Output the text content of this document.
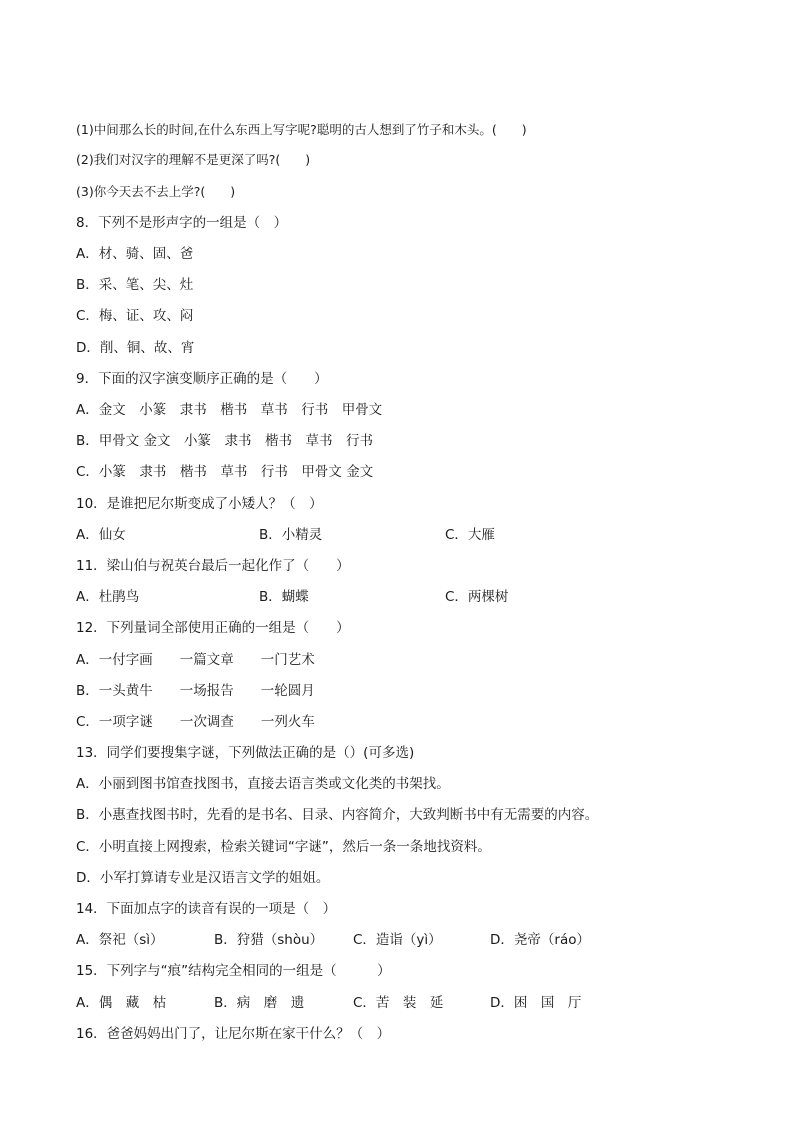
(1)中间那么长的时间,在什么东西上写字呢?聪明的古人想到了竹子和木头。(　　)
(2)我们对汉字的理解不是更深了吗?(　　)
(3)你今天去不去上学?(　　)
8．下列不是形声字的一组是（　）
A．材、骑、固、爸
B．采、笔、尖、灶
C．梅、证、攻、闷
D．削、铜、故、宵
9．下面的汉字演变顺序正确的是（　　）
A．金文　小篆　隶书　楷书　草书　行书　甲骨文
B．甲骨文 金文　小篆　隶书　楷书　草书　行书
C．小篆　隶书　楷书　草书　行书　甲骨文 金文
10．是谁把尼尔斯变成了小矮人？（　）
A．仙女	B．小精灵	C．大雁
11．梁山伯与祝英台最后一起化作了（　　）
A．杜鹃鸟	B．蝴蝶	C．两棵树
12．下列量词全部使用正确的一组是（　　）
A．一付字画　　一篇文章　　一门艺术
B．一头黄牛　　一场报告　　一轮圆月
C．一项字谜　　一次调查　　一列火车
13．同学们要搜集字谜，下列做法正确的是（）(可多选)
A．小丽到图书馆查找图书，直接去语言类或文化类的书架找。
B．小惠查找图书时，先看的是书名、目录、内容简介，大致判断书中有无需要的内容。
C．小明直接上网搜索，检索关键词“字谜”，然后一条一条地找资料。
D．小军打算请专业是汉语言文学的姐姐。
14．下面加点字的读音有误的一项是（　）
A．祭祀（sì）	B．狩猎（shòu） C．造诣（yì）	D．尧帝（ráo）
15．下列字与“痕”结构完全相同的一组是（　　　）
A．偶　藏　枯	B．病　磨　遗	C．苦　装　延	D．困　国　厅
16．爸爸妈妈出门了，让尼尔斯在家干什么？（　）
